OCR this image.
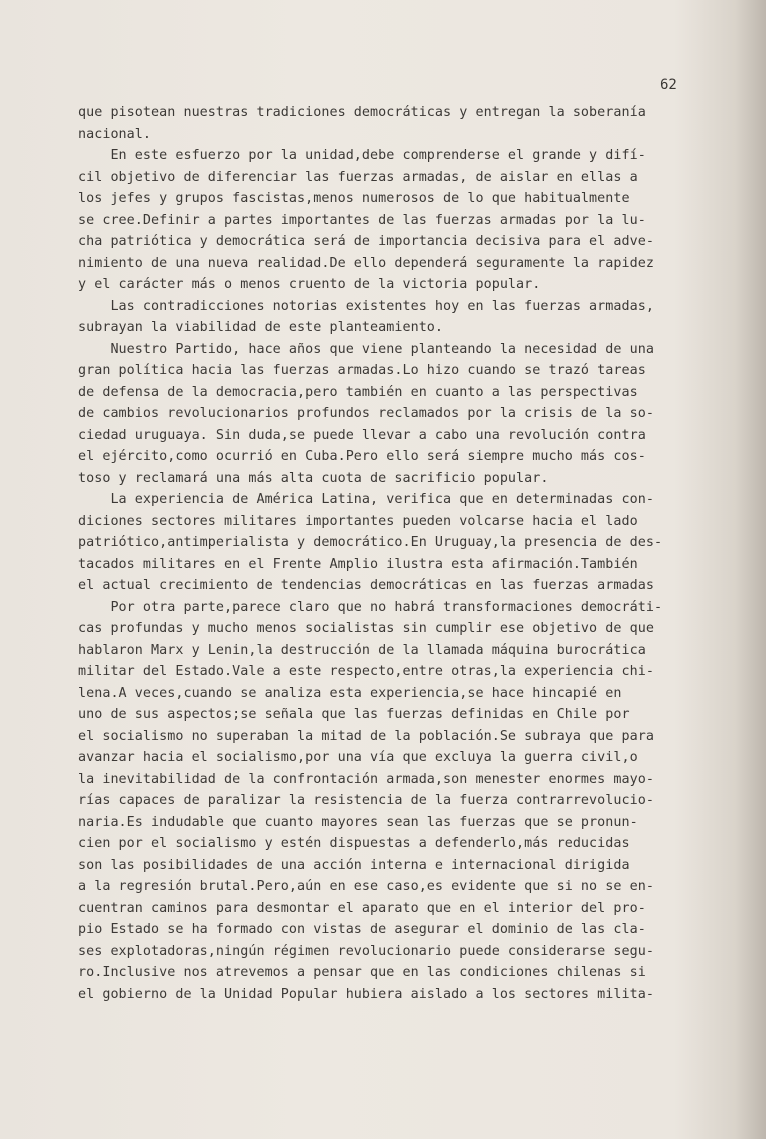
62
que pisotean nuestras tradiciones democráticas y entregan la soberanía
nacional.
En este esfuerzo por la unidad,debe comprenderse el grande y difí-
cil objetivo de diferenciar las fuerzas armadas, de aislar en ellas a
los jefes y grupos fascistas,menos numerosos de lo que habitualmente
se cree.Definir a partes importantes de las fuerzas armadas por la lu-
cha patriótica y democrática será de importancia decisiva para el adve-
nimiento de una nueva realidad.De ello dependerá seguramente la rapidez
y el carácter más o menos cruento de la victoria popular.
Las contradicciones notorias existentes hoy en las fuerzas armadas,
subrayan la viabilidad de este planteamiento.
Nuestro Partido, hace años que viene planteando la necesidad de una
gran política hacia las fuerzas armadas.Lo hizo cuando se trazó tareas
de defensa de la democracia,pero también en cuanto a las perspectivas
de cambios revolucionarios profundos reclamados por la crisis de la so-
ciedad uruguaya. Sin duda,se puede llevar a cabo una revolución contra
el ejército,como ocurrió en Cuba.Pero ello será siempre mucho más cos-
toso y reclamará una más alta cuota de sacrificio popular.
La experiencia de América Latina, verifica que en determinadas con-
diciones sectores militares importantes pueden volcarse hacia el lado
patriótico,antimperialista y democrático.En Uruguay,la presencia de des-
tacados militares en el Frente Amplio ilustra esta afirmación.También
el actual crecimiento de tendencias democráticas en las fuerzas armadas
Por otra parte,parece claro que no habrá transformaciones democráti-
cas profundas y mucho menos socialistas sin cumplir ese objetivo de que
hablaron Marx y Lenin,la destrucción de la llamada máquina burocrática
militar del Estado.Vale a este respecto,entre otras,la experiencia chi-
lena.A veces,cuando se analiza esta experiencia,se hace hincapié en
uno de sus aspectos;se señala que las fuerzas definidas en Chile por
el socialismo no superaban la mitad de la población.Se subraya que para
avanzar hacia el socialismo,por una vía que excluya la guerra civil,o
la inevitabilidad de la confrontación armada,son menester enormes mayo-
rías capaces de paralizar la resistencia de la fuerza contrarrevolucio-
naria.Es indudable que cuanto mayores sean las fuerzas que se pronun-
cien por el socialismo y estén dispuestas a defenderlo,más reducidas
son las posibilidades de una acción interna e internacional dirigida
a la regresión brutal.Pero,aún en ese caso,es evidente que si no se en-
cuentran caminos para desmontar el aparato que en el interior del pro-
pio Estado se ha formado con vistas de asegurar el dominio de las cla-
ses explotadoras,ningún régimen revolucionario puede considerarse segu-
ro.Inclusive nos atrevemos a pensar que en las condiciones chilenas si
el gobierno de la Unidad Popular hubiera aislado a los sectores milita-
